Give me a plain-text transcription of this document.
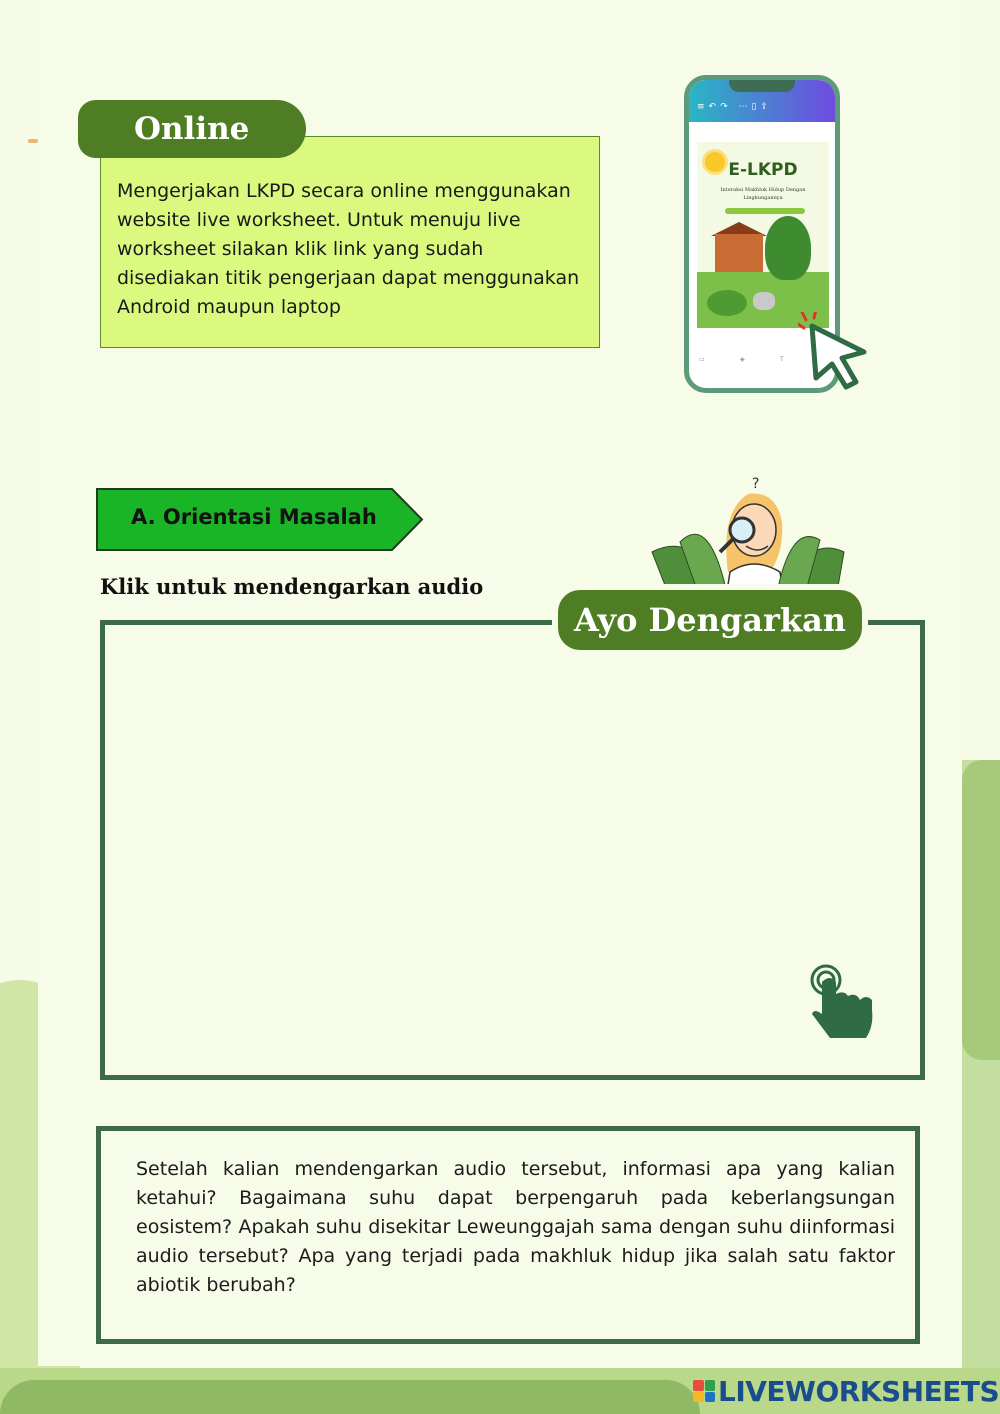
Mengerjakan LKPD secara online menggunakan website live worksheet. Untuk menuju live worksheet silakan klik link yang sudah disediakan titik pengerjaan dapat menggunakan Android maupun laptop

Online
≡↶↷ ⋯▯⇪
E-LKPD
Interaksi Makhluk Hidup Dengan Lingkungannya
▭	◈	T
A. Orientasi Masalah
Klik untuk mendengarkan audio
?
Ayo Dengarkan

Setelah kalian mendengarkan audio tersebut, informasi apa yang kalian ketahui? Bagaimana suhu dapat berpengaruh pada keberlangsungan eosistem? Apakah suhu disekitar Leweunggajah sama dengan suhu diinformasi audio tersebut? Apa yang terjadi pada makhluk hidup jika salah satu faktor abiotik berubah?

LIVEWORKSHEETS
